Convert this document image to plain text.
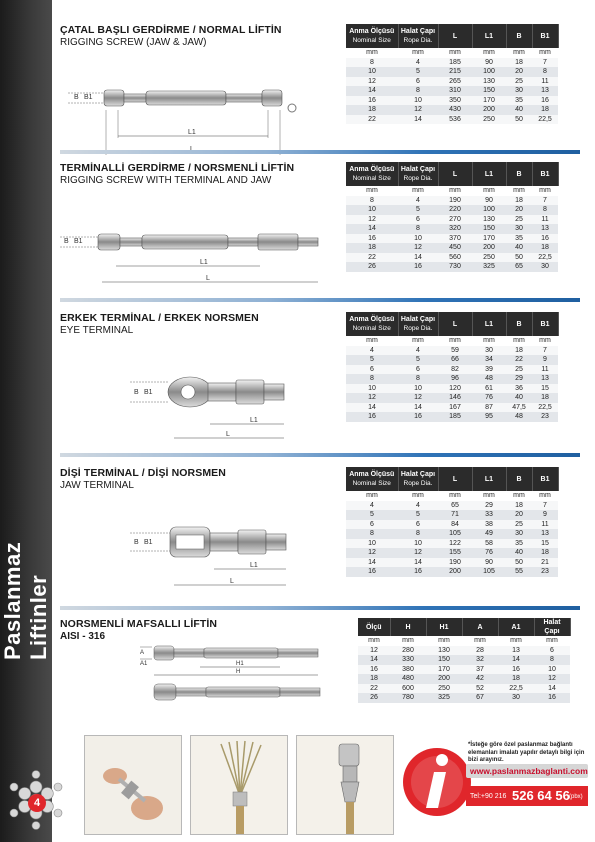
Paslanmaz Liftinler
4
ÇATAL BAŞLI GERDİRME / NORMAL LİFTİN
RIGGING SCREW (JAW & JAW)
Anma Ölçüsü
Nominal Size	Halat Çapı
Rope Dia.	L	L1	B	B1
mm	mm	mm	mm	mm	mm
8	4	185	90	18	7
10	5	215	100	20	8
12	6	265	130	25	11
14	8	310	150	30	13
16	10	350	170	35	16
18	12	430	200	40	18
22	14	536	250	50	22,5
B B1
L1
TERMİNALLİ GERDİRME / NORSMENLİ LİFTİN
RIGGING SCREW WITH TERMINAL AND JAW
Anma Ölçüsü
Nominal Size	Halat Çapı
Rope Dia.	L	L1	B	B1
mm	mm	mm	mm	mm	mm
8	4	190	90	18	7
10	5	220	100	20	8
12	6	270	130	25	11
14	8	320	150	30	13
16	10	370	170	35	16
18	12	450	200	40	18
22	14	560	250	50	22,5
26	16	730	325	65	30
B B1
L1
L
ERKEK TERMİNAL / ERKEK NORSMEN
EYE TERMINAL
Anma Ölçüsü
Nominal Size	Halat Çapı
Rope Dia.	L	L1	B	B1
mm	mm	mm	mm	mm	mm
4	4	59	30	18	7
5	5	66	34	22	9
6	6	82	39	25	11
8	8	96	48	29	13
10	10	120	61	36	15
12	12	146	76	40	18
14	14	167	87	47,5	22,5
16	16	185	95	48	23
B B1
L1
L
DİŞİ TERMİNAL / DİŞİ NORSMEN
JAW TERMINAL
Anma Ölçüsü
Nominal Size	Halat Çapı
Rope Dia.	L	L1	B	B1
mm	mm	mm	mm	mm	mm
4	4	65	29	18	7
5	5	71	33	20	9
6	6	84	38	25	11
8	8	105	49	30	13
10	10	122	58	35	15
12	12	155	76	40	18
14	14	190	90	50	21
16	16	200	105	55	23
B B1
L1
L
NORSMENLİ MAFSALLI LİFTİN
AISI - 316
Ölçü	H	H1	A	A1	Halat Çapı
mm	mm	mm	mm	mm	mm
12	280	130	28	13	6
14	330	150	32	14	8
16	380	170	37	16	10
18	480	200	42	18	12
22	600	250	52	22,5	14
26	780	325	67	30	16
A
A1	H1
H
*İsteğe göre özel paslanmaz bağlantı elemanları imalatı yapılır detaylı bilgi için bizi arayınız.
www.paslanmazbaglanti.com
Tel:+90 216 526 64 56 (pbx)
